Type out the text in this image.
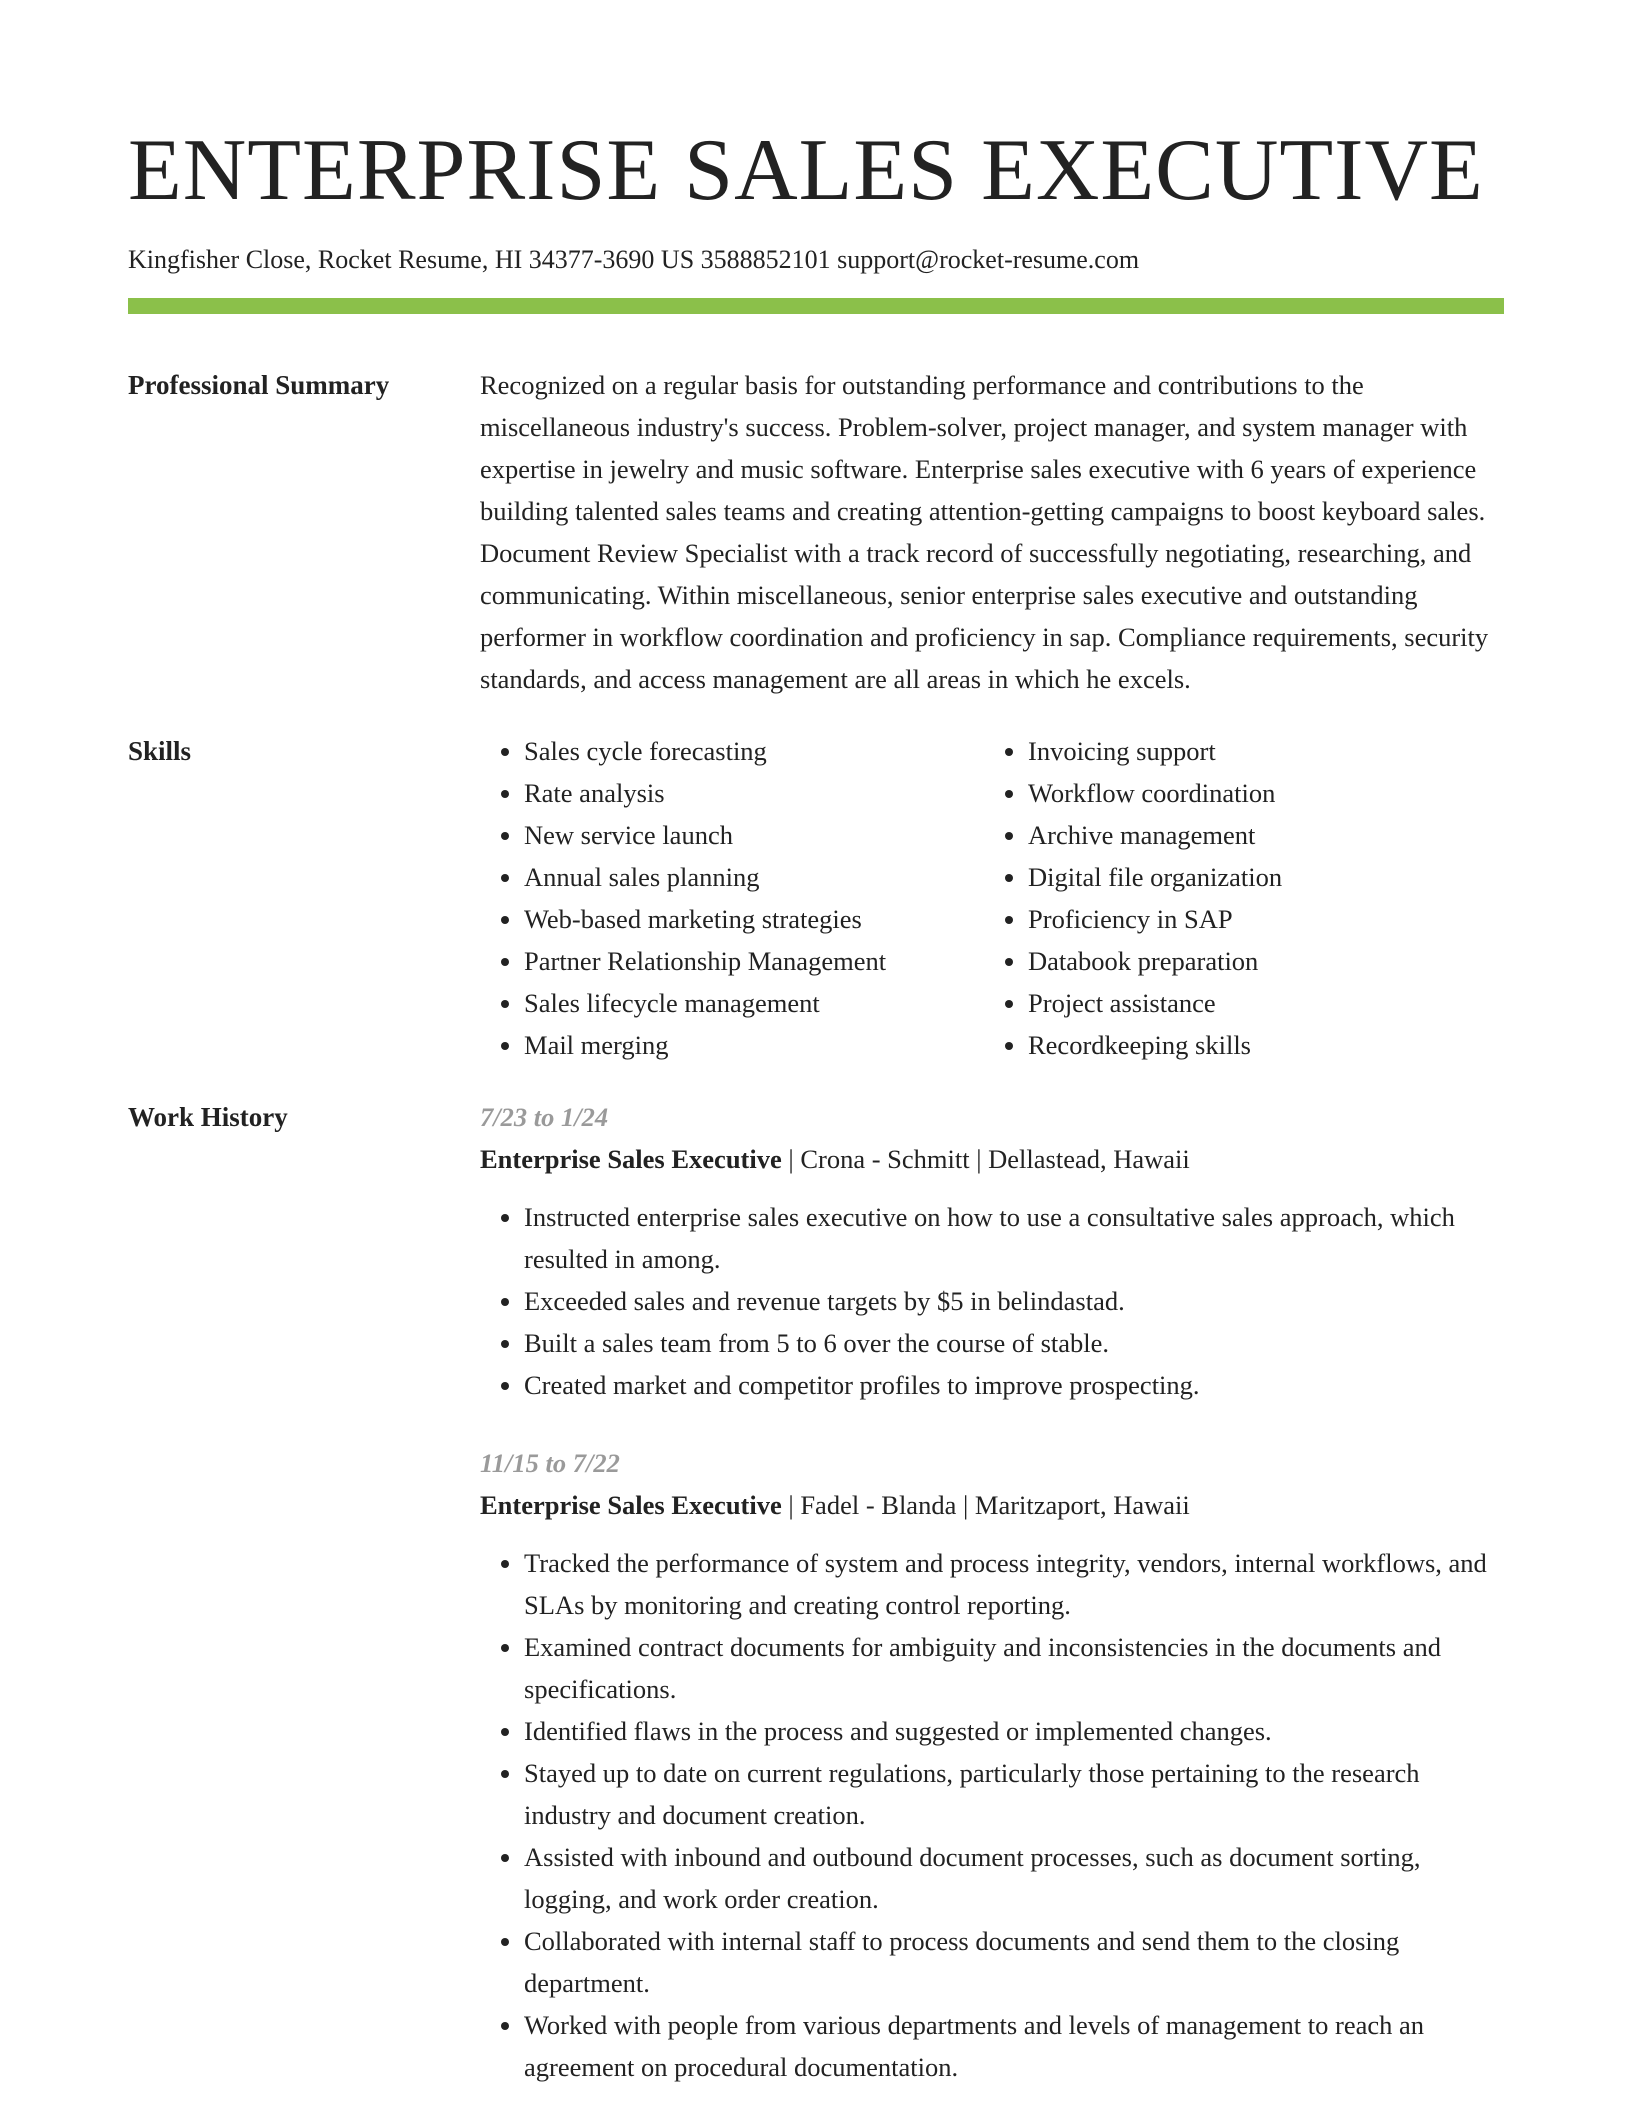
ENTERPRISE SALES EXECUTIVE
Kingfisher Close, Rocket Resume, HI 34377-3690 US 3588852101 support@rocket-resume.com
Professional Summary	Recognized on a regular basis for outstanding performance and contributions to the miscellaneous industry's success. Problem-solver, project manager, and system manager with expertise in jewelry and music software. Enterprise sales executive with 6 years of experience building talented sales teams and creating attention-getting campaigns to boost keyboard sales. Document Review Specialist with a track record of successfully negotiating, researching, and communicating. Within miscellaneous, senior enterprise sales executive and outstanding performer in workflow coordination and proficiency in sap. Compliance requirements, security standards, and access management are all areas in which he excels.

Skills
•	Sales cycle forecasting
• Rate analysis
• New service launch
• Annual sales planning
• Web-based marketing strategies
• Partner Relationship Management
• Sales lifecycle management
• Mail merging
• Invoicing support
• Workflow coordination
• Archive management
• Digital file organization
• Proficiency in SAP
• Databook preparation
• Project assistance
• Recordkeeping skills
Work History	7/23 to 1/24
Enterprise Sales Executive | Crona - Schmitt | Dellastead, Hawaii
• Instructed enterprise sales executive on how to use a consultative sales approach, which resulted in among.
• Exceeded sales and revenue targets by $5 in belindastad.
• Built a sales team from 5 to 6 over the course of stable.
• Created market and competitor profiles to improve prospecting.
11/15 to 7/22
Enterprise Sales Executive | Fadel - Blanda | Maritzaport, Hawaii
• Tracked the performance of system and process integrity, vendors, internal workflows, and SLAs by monitoring and creating control reporting.
• Examined contract documents for ambiguity and inconsistencies in the documents and specifications.
• Identified flaws in the process and suggested or implemented changes.
• Stayed up to date on current regulations, particularly those pertaining to the research industry and document creation.
• Assisted with inbound and outbound document processes, such as document sorting, logging, and work order creation.
• Collaborated with internal staff to process documents and send them to the closing department.
• Worked with people from various departments and levels of management to reach an agreement on procedural documentation.
